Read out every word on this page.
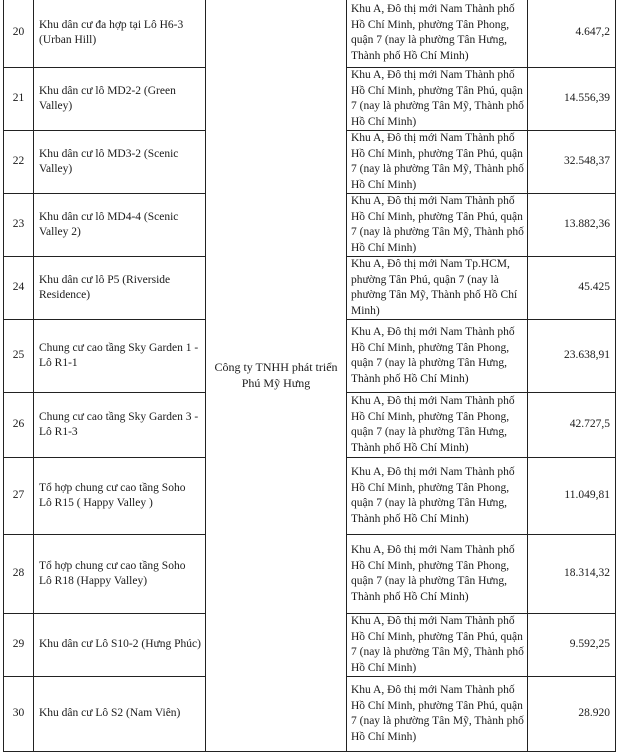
20	Khu dân cư đa hợp tại Lô H6-3 (Urban Hill)	Công ty TNHH phát triển Phú Mỹ Hưng	Khu A, Đô thị mới Nam Thành phố Hồ Chí Minh, phường Tân Phong, quận 7 (nay là phường Tân Hưng, Thành phố Hồ Chí Minh)	4.647,2
21	Khu dân cư lô MD2-2 (Green Valley)		Khu A, Đô thị mới Nam Thành phố Hồ Chí Minh, phường Tân Phú, quận 7 (nay là phường Tân Mỹ, Thành phố Hồ Chí Minh)	14.556,39
22	Khu dân cư lô MD3-2 (Scenic Valley)		Khu A, Đô thị mới Nam Thành phố Hồ Chí Minh, phường Tân Phú, quận 7 (nay là phường Tân Mỹ, Thành phố Hồ Chí Minh)	32.548,37
23	Khu dân cư lô MD4-4 (Scenic Valley 2)		Khu A, Đô thị mới Nam Thành phố Hồ Chí Minh, phường Tân Phú, quận 7 (nay là phường Tân Mỹ, Thành phố Hồ Chí Minh)	13.882,36
24	Khu dân cư lô P5 (Riverside Residence)		Khu A, Đô thị mới Nam Tp.HCM, phường Tân Phú, quận 7 (nay là phường Tân Mỹ, Thành phố Hồ Chí Minh)	45.425
25	Chung cư cao tầng Sky Garden 1 - Lô R1-1		Khu A, Đô thị mới Nam Thành phố Hồ Chí Minh, phường Tân Phong, quận 7 (nay là phường Tân Hưng, Thành phố Hồ Chí Minh)	23.638,91
26	Chung cư cao tầng Sky Garden 3 - Lô R1-3		Khu A, Đô thị mới Nam Thành phố Hồ Chí Minh, phường Tân Phong, quận 7 (nay là phường Tân Hưng, Thành phố Hồ Chí Minh)	42.727,5
27	Tổ hợp chung cư cao tầng Soho Lô R15 ( Happy Valley )		Khu A, Đô thị mới Nam Thành phố Hồ Chí Minh, phường Tân Phong, quận 7 (nay là phường Tân Hưng, Thành phố Hồ Chí Minh)	11.049,81
28	Tổ hợp chung cư cao tầng Soho Lô R18 (Happy Valley)		Khu A, Đô thị mới Nam Thành phố Hồ Chí Minh, phường Tân Phong, quận 7 (nay là phường Tân Hưng, Thành phố Hồ Chí Minh)	18.314,32
29	Khu dân cư Lô S10-2 (Hưng Phúc)		Khu A, Đô thị mới Nam Thành phố Hồ Chí Minh, phường Tân Phú, quận 7 (nay là phường Tân Mỹ, Thành phố Hồ Chí Minh)	9.592,25
30	Khu dân cư Lô S2 (Nam Viên)		Khu A, Đô thị mới Nam Thành phố Hồ Chí Minh, phường Tân Phú, quận 7 (nay là phường Tân Mỹ, Thành phố Hồ Chí Minh)	28.920
